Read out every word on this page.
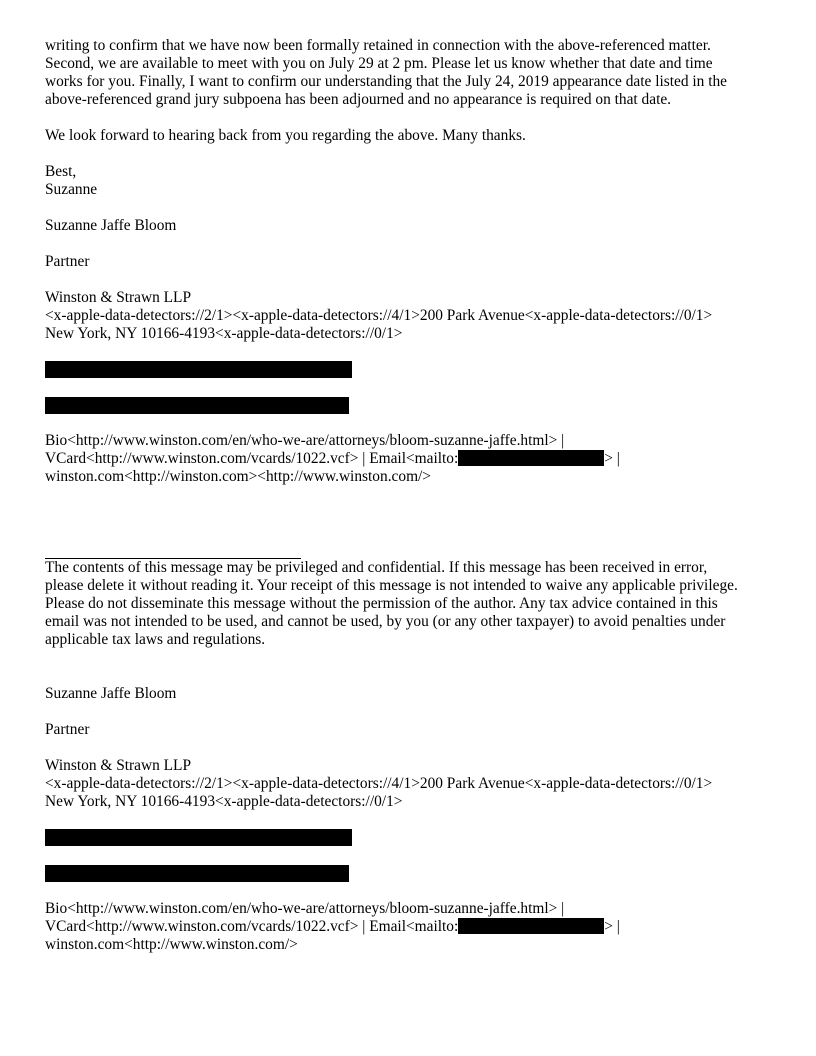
writing to confirm that we have now been formally retained in connection with the above-referenced matter.

Second, we are available to meet with you on July 29 at 2 pm. Please let us know whether that date and time

works for you. Finally, I want to confirm our understanding that the July 24, 2019 appearance date listed in the

above-referenced grand jury subpoena has been adjourned and no appearance is required on that date.

We look forward to hearing back from you regarding the above. Many thanks.

Best,

Suzanne

Suzanne Jaffe Bloom

Partner

Winston & Strawn LLP

<x-apple-data-detectors://2/1><x-apple-data-detectors://4/1>200 Park Avenue<x-apple-data-detectors://0/1>

New York, NY 10166-4193<x-apple-data-detectors://0/1>

Bio<http://www.winston.com/en/who-we-are/attorneys/bloom-suzanne-jaffe.html> |

VCard<http://www.winston.com/vcards/1022.vcf> | Email<mailto:	> |

winston.com<http://winston.com><http://www.winston.com/>

The contents of this message may be privileged and confidential. If this message has been received in error,

please delete it without reading it. Your receipt of this message is not intended to waive any applicable privilege.

Please do not disseminate this message without the permission of the author. Any tax advice contained in this

email was not intended to be used, and cannot be used, by you (or any other taxpayer) to avoid penalties under

applicable tax laws and regulations.

Suzanne Jaffe Bloom

Partner

Winston & Strawn LLP

<x-apple-data-detectors://2/1><x-apple-data-detectors://4/1>200 Park Avenue<x-apple-data-detectors://0/1>

New York, NY 10166-4193<x-apple-data-detectors://0/1>

Bio<http://www.winston.com/en/who-we-are/attorneys/bloom-suzanne-jaffe.html> |

VCard<http://www.winston.com/vcards/1022.vcf> | Email<mailto:	> |

winston.com<http://www.winston.com/>
